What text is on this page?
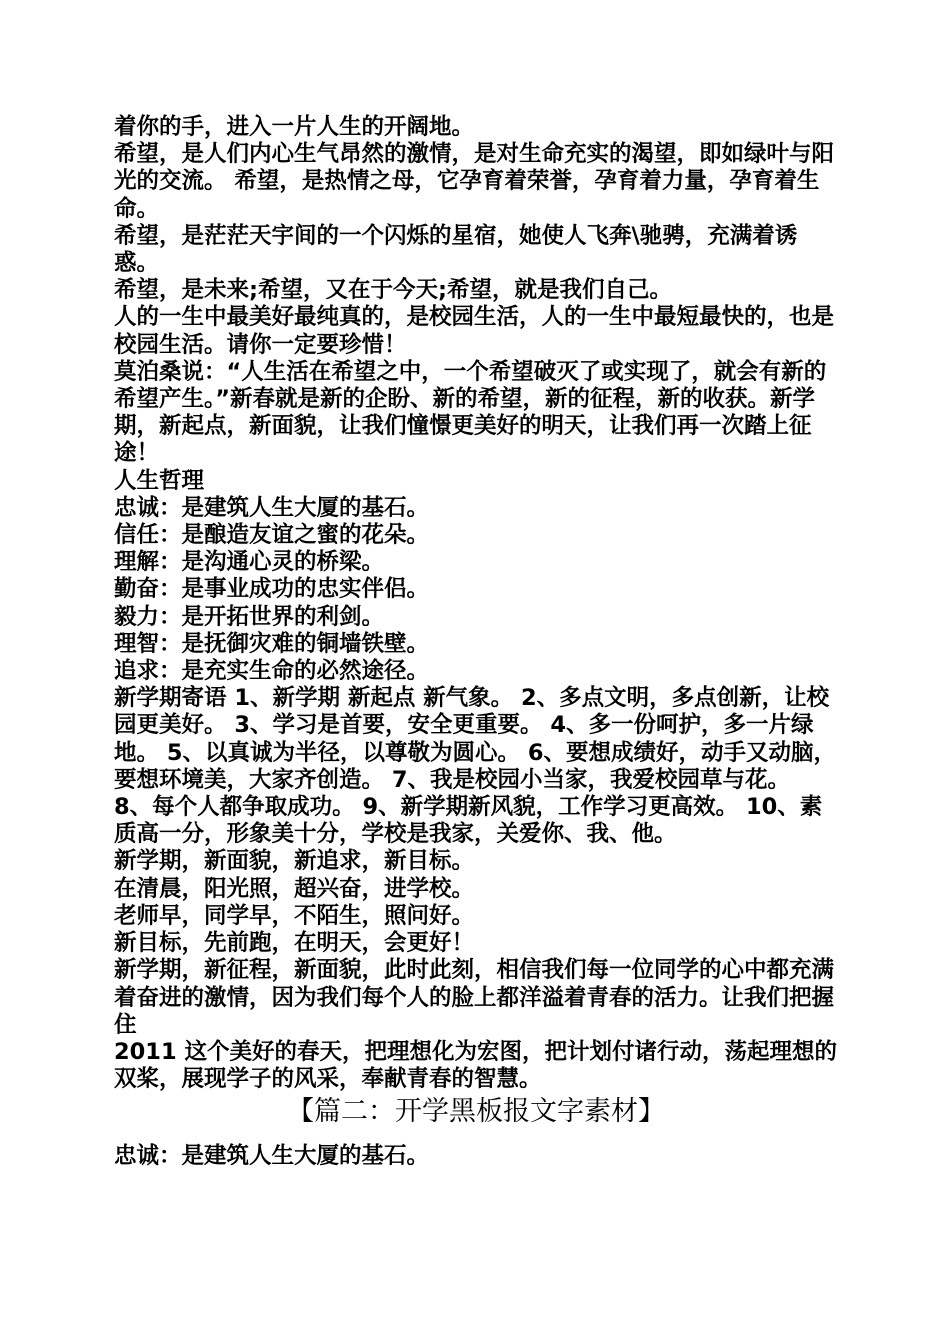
着你的手，进入一片人生的开阔地。

希望，是人们内心生气昂然的激情，是对生命充实的渴望，即如绿叶与阳光的交流。 希望，是热情之母，它孕育着荣誉，孕育着力量，孕育着生命。

希望，是茫茫天宇间的一个闪烁的星宿，她使人飞奔\驰骋，充满着诱惑。

希望，是未来;希望，又在于今天;希望，就是我们自己。

人的一生中最美好最纯真的，是校园生活，人的一生中最短最快的，也是校园生活。请你一定要珍惜！

莫泊桑说：“人生活在希望之中，一个希望破灭了或实现了，就会有新的希望产生。”新春就是新的企盼、新的希望，新的征程，新的收获。新学期，新起点，新面貌，让我们憧憬更美好的明天，让我们再一次踏上征途！

人生哲理

忠诚：是建筑人生大厦的基石。

信任：是酿造友谊之蜜的花朵。

理解：是沟通心灵的桥梁。

勤奋：是事业成功的忠实伴侣。

毅力：是开拓世界的利剑。

理智：是抚御灾难的铜墙铁壁。

追求：是充实生命的必然途径。

新学期寄语 1、新学期 新起点 新气象。 2、多点文明，多点创新，让校园更美好。 3、学习是首要，安全更重要。 4、多一份呵护，多一片绿地。 5、以真诚为半径，以尊敬为圆心。 6、要想成绩好，动手又动脑，要想环境美，大家齐创造。 7、我是校园小当家，我爱校园草与花。

8、每个人都争取成功。 9、新学期新风貌，工作学习更高效。 10、素质高一分，形象美十分，学校是我家，关爱你、我、他。

新学期，新面貌，新追求，新目标。

在清晨，阳光照，超兴奋，进学校。

老师早，同学早，不陌生，照问好。

新目标，先前跑，在明天，会更好！

新学期，新征程，新面貌，此时此刻，相信我们每一位同学的心中都充满着奋进的激情，因为我们每个人的脸上都洋溢着青春的活力。让我们把握住

2011 这个美好的春天，把理想化为宏图，把计划付诸行动，荡起理想的双桨，展现学子的风采，奉献青春的智慧。

【篇二：开学黑板报文字素材】

忠诚：是建筑人生大厦的基石。
